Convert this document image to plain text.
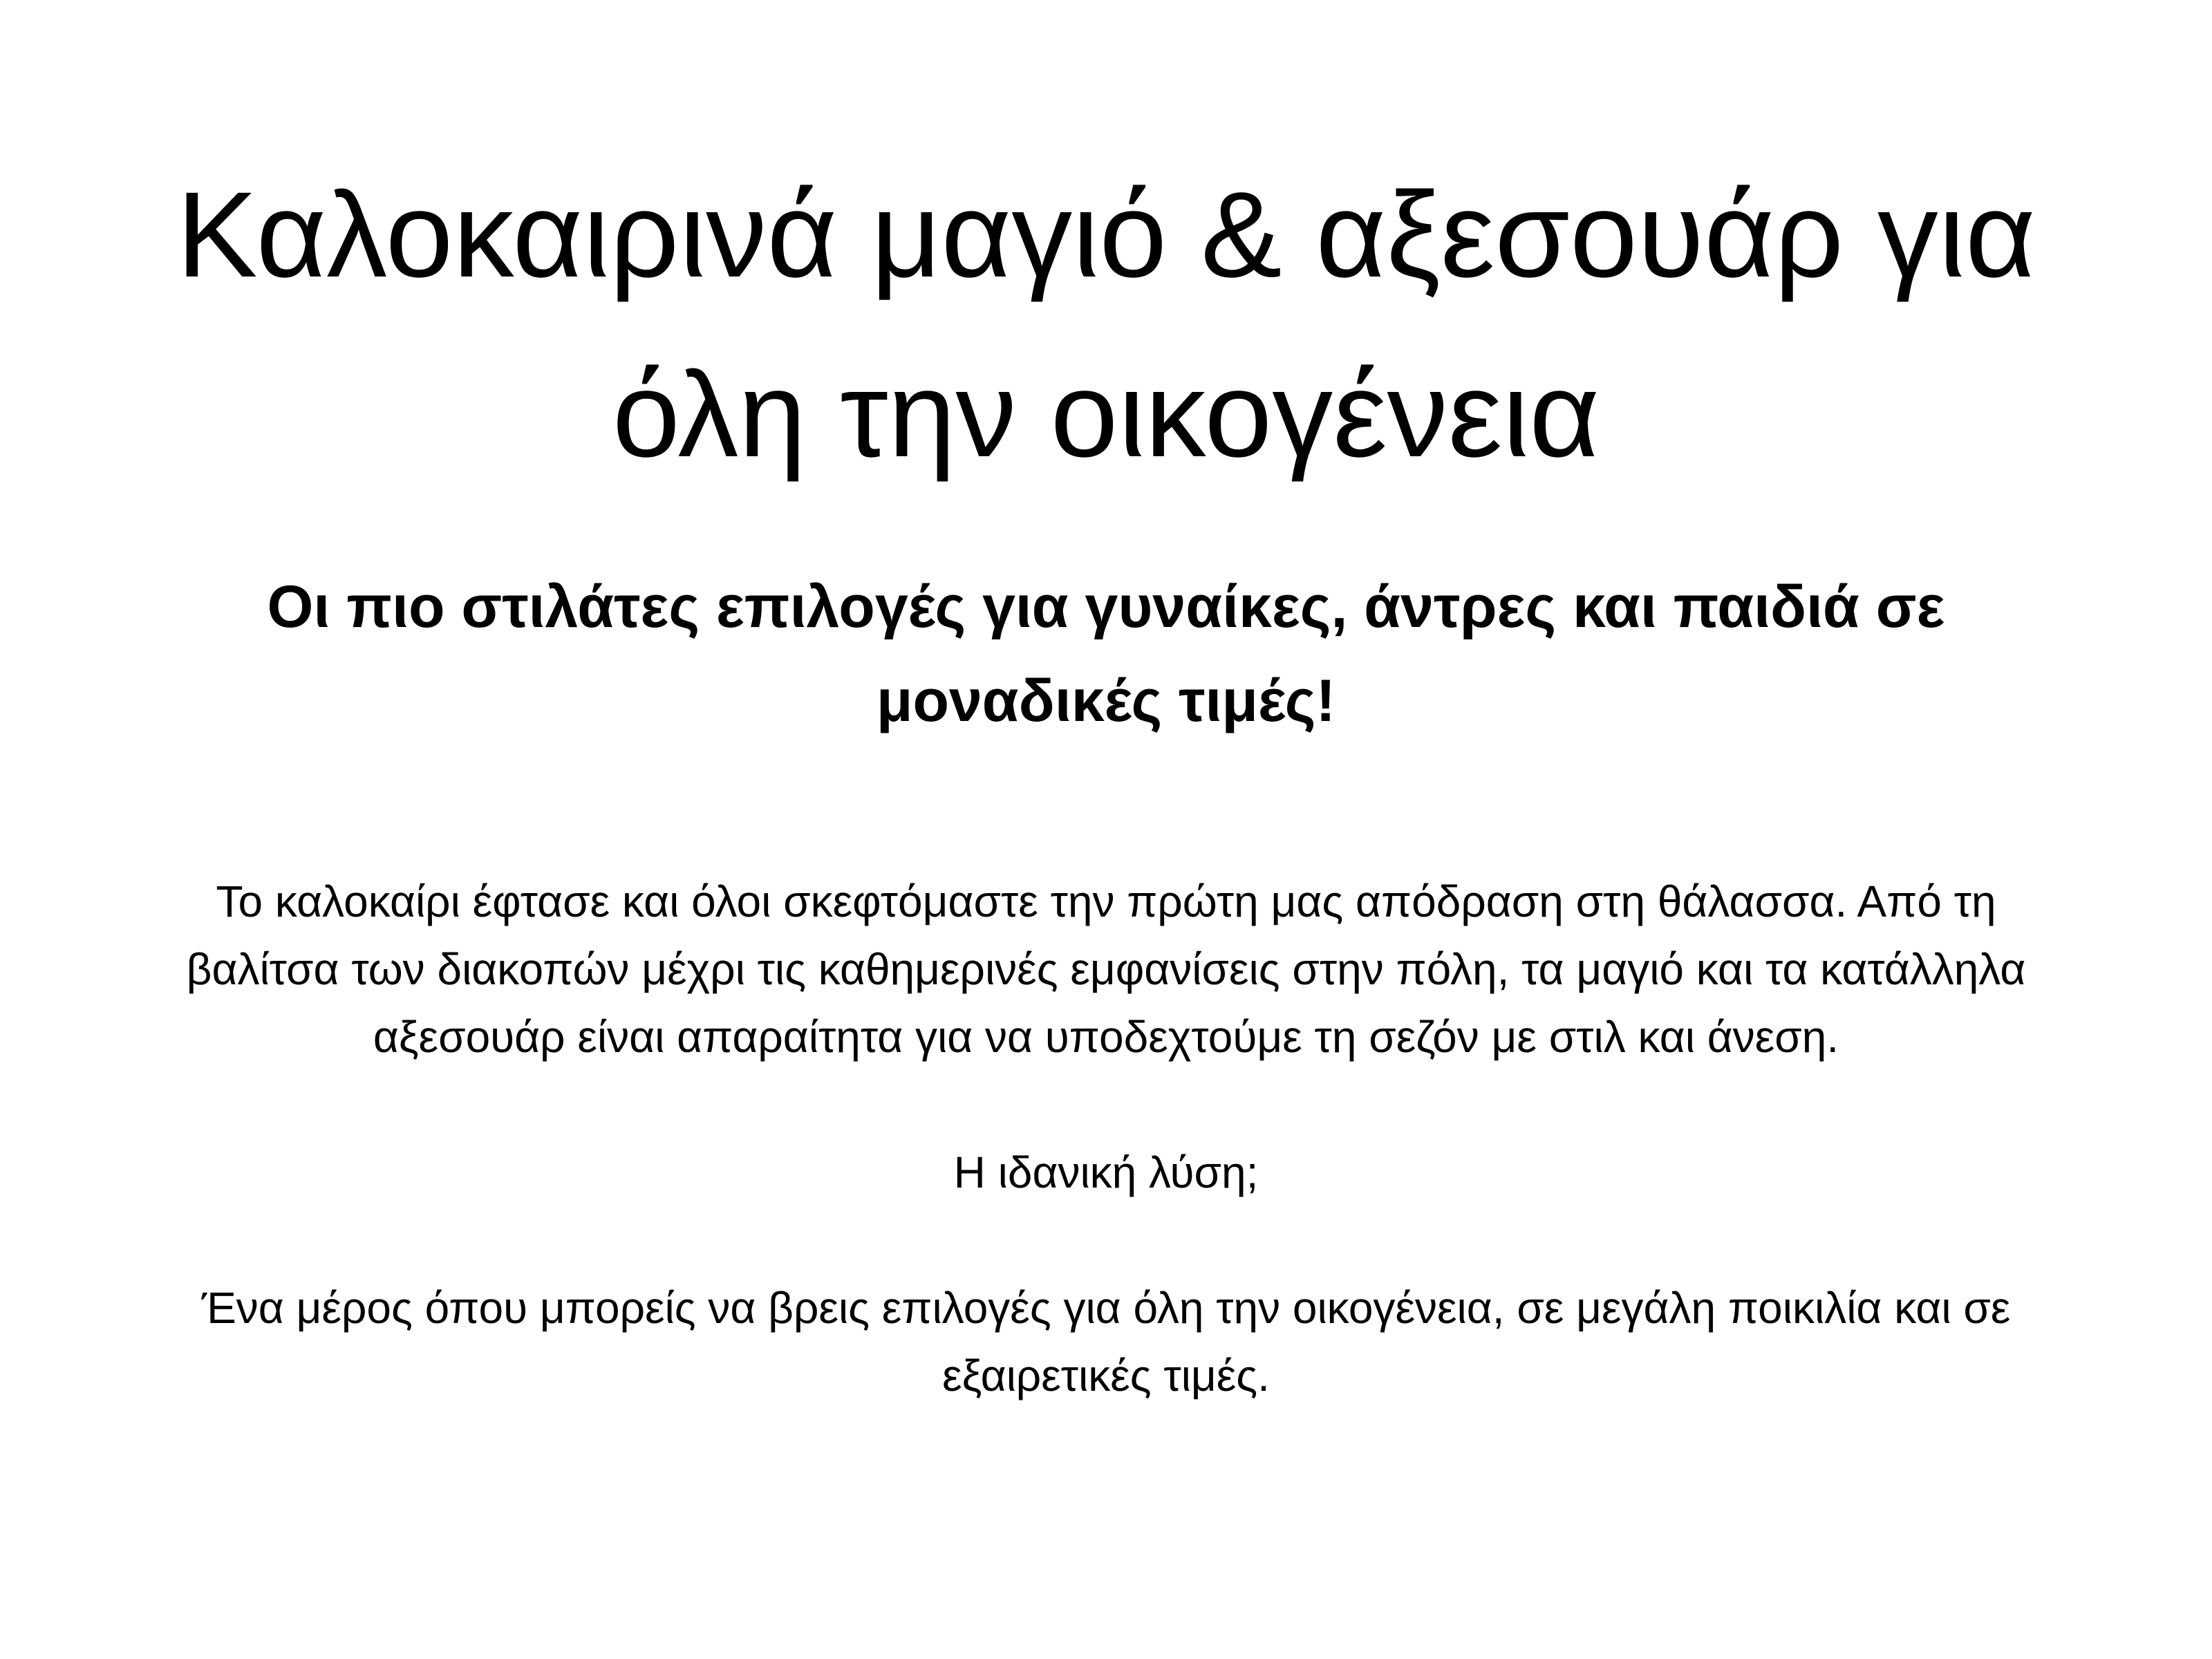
Καλοκαιρινά μαγιό & αξεσουάρ για όλη την οικογένεια
Οι πιο στιλάτες επιλογές για γυναίκες, άντρες και παιδιά σε μοναδικές τιμές!

Το καλοκαίρι έφτασε και όλοι σκεφτόμαστε την πρώτη μας απόδραση στη θάλασσα. Από τη βαλίτσα των διακοπών μέχρι τις καθημερινές εμφανίσεις στην πόλη, τα μαγιό και τα κατάλληλα αξεσουάρ είναι απαραίτητα για να υποδεχτούμε τη σεζόν με στιλ και άνεση.

Η ιδανική λύση;

Ένα μέρος όπου μπορείς να βρεις επιλογές για όλη την οικογένεια, σε μεγάλη ποικιλία και σε εξαιρετικές τιμές.
